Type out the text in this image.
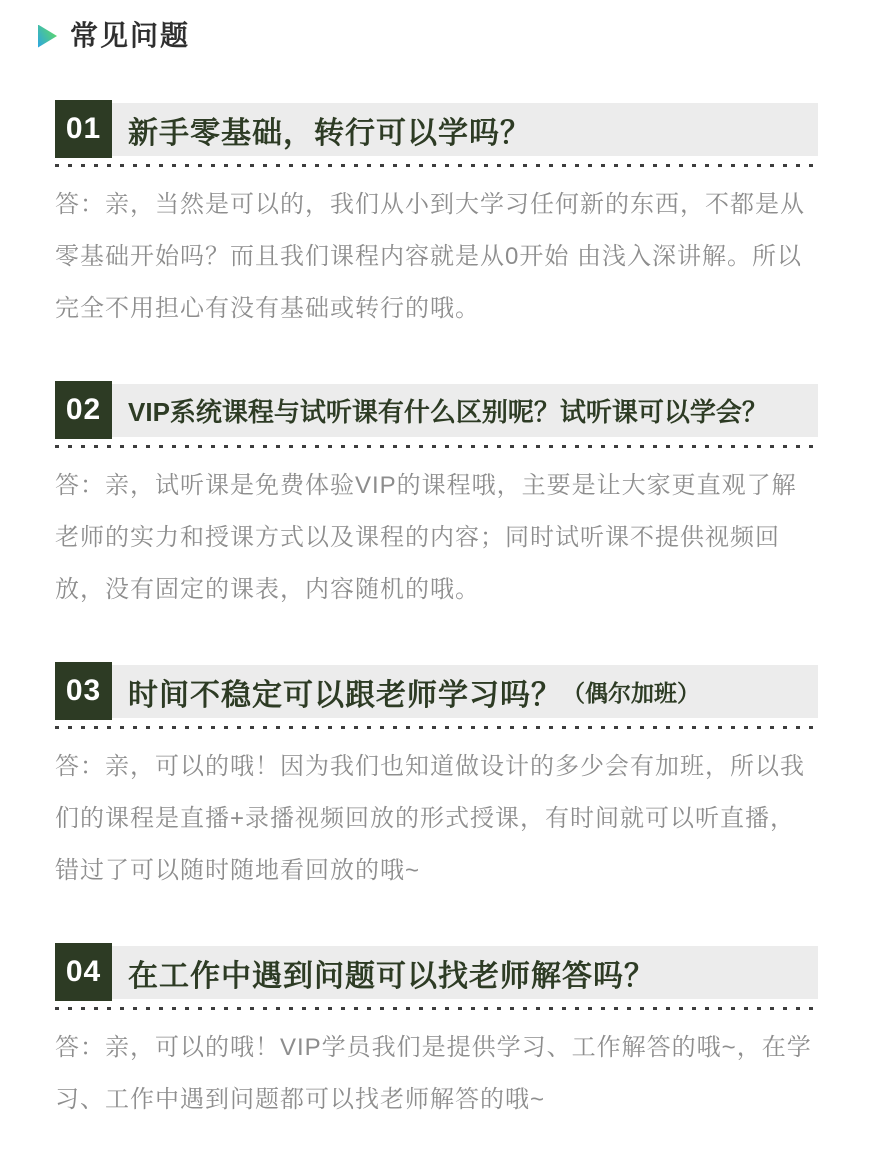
常见问题
01 新手零基础，转行可以学吗？

答：亲，当然是可以的，我们从小到大学习任何新的东西，不都是从零基础开始吗？而且我们课程内容就是从0开始 由浅入深讲解。所以完全不用担心有没有基础或转行的哦。

02	VIP系统课程与试听课有什么区别呢？试听课可以学会？

答：亲，试听课是免费体验VIP的课程哦，主要是让大家更直观了解老师的实力和授课方式以及课程的内容；同时试听课不提供视频回放，没有固定的课表，内容随机的哦。

03 时间不稳定可以跟老师学习吗？ （偶尔加班）

答：亲，可以的哦！因为我们也知道做设计的多少会有加班，所以我们的课程是直播+录播视频回放的形式授课，有时间就可以听直播，错过了可以随时随地看回放的哦~

04 在工作中遇到问题可以找老师解答吗？

答：亲，可以的哦！VIP学员我们是提供学习、工作解答的哦~，在学习、工作中遇到问题都可以找老师解答的哦~
